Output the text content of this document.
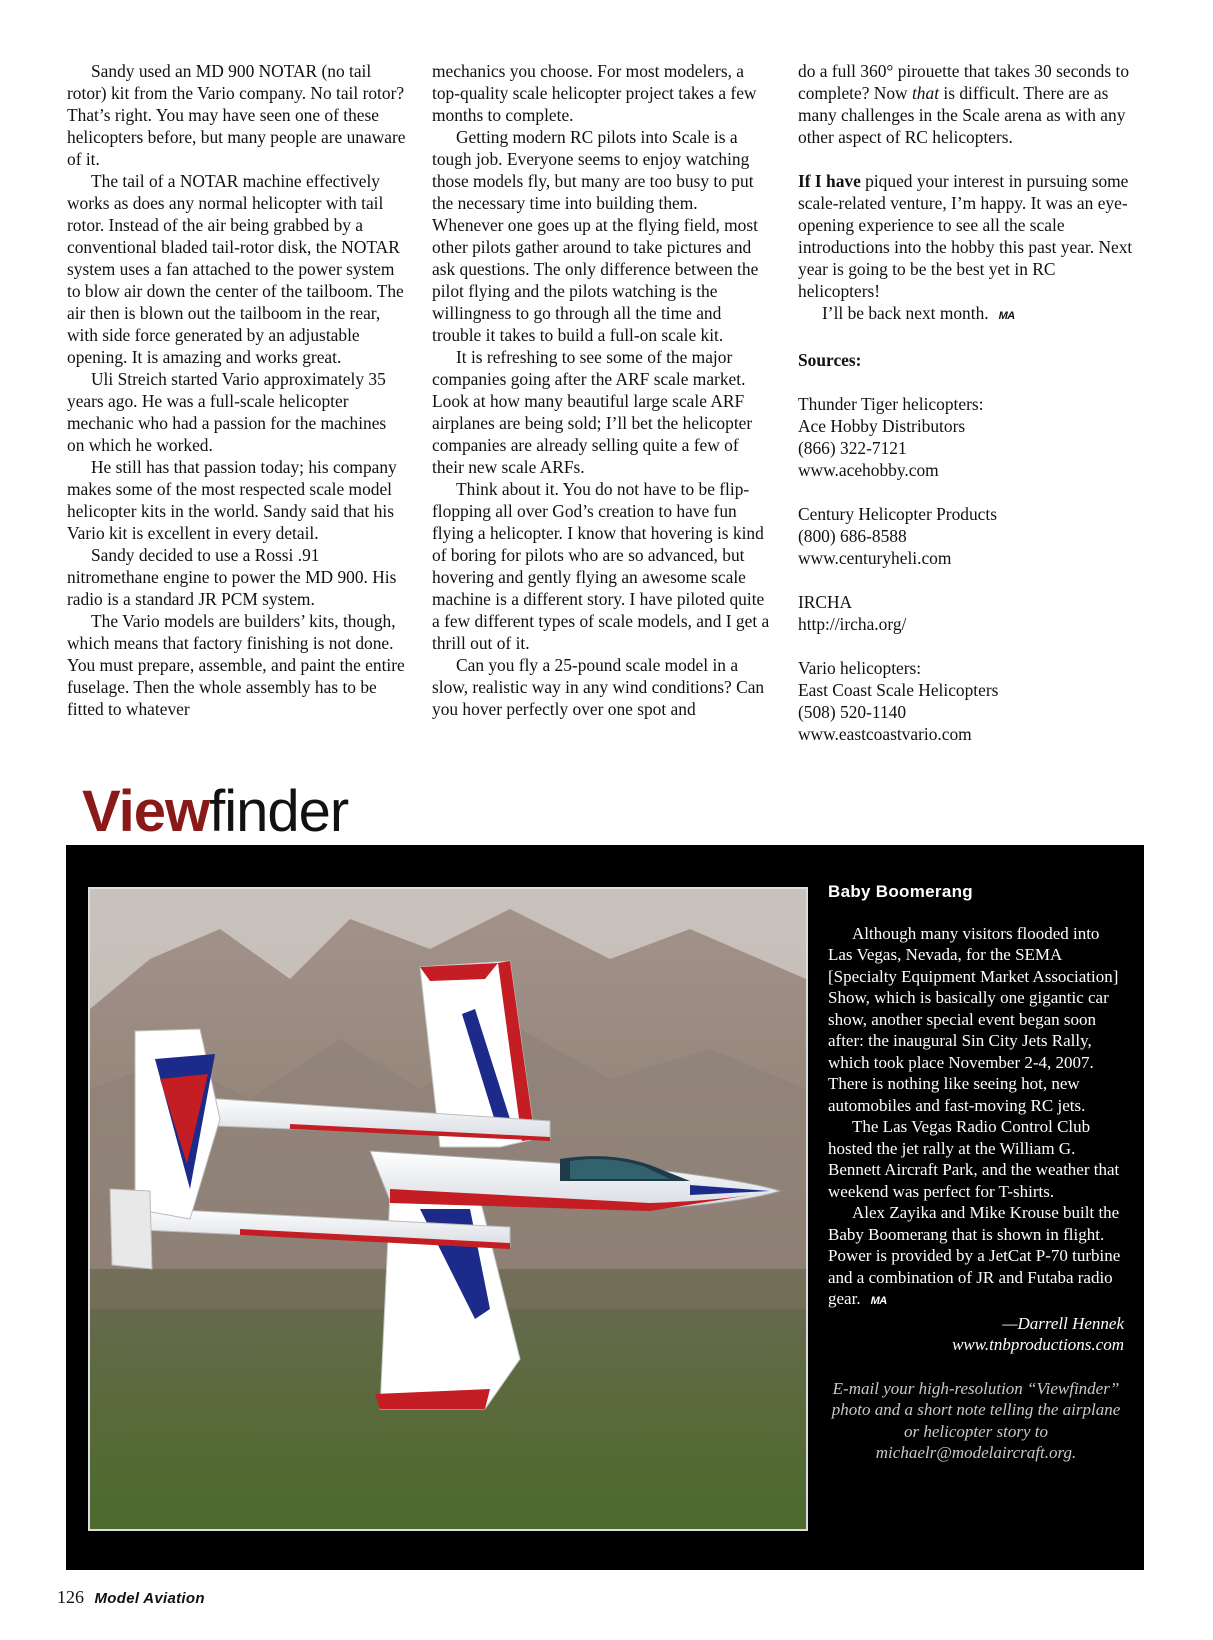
Sandy used an MD 900 NOTAR (no tail rotor) kit from the Vario company. No tail rotor? That’s right. You may have seen one of these helicopters before, but many people are unaware of it.

The tail of a NOTAR machine effectively works as does any normal helicopter with tail rotor. Instead of the air being grabbed by a conventional bladed tail-rotor disk, the NOTAR system uses a fan attached to the power system to blow air down the center of the tailboom. The air then is blown out the tailboom in the rear, with side force generated by an adjustable opening. It is amazing and works great.

Uli Streich started Vario approximately 35 years ago. He was a full-scale helicopter mechanic who had a passion for the machines on which he worked.

He still has that passion today; his company makes some of the most respected scale model helicopter kits in the world. Sandy said that his Vario kit is excellent in every detail.

Sandy decided to use a Rossi .91 nitromethane engine to power the MD 900. His radio is a standard JR PCM system.

The Vario models are builders’ kits, though, which means that factory finishing is not done. You must prepare, assemble, and paint the entire fuselage. Then the whole assembly has to be fitted to whatever

mechanics you choose. For most modelers, a top-quality scale helicopter project takes a few months to complete.

Getting modern RC pilots into Scale is a tough job. Everyone seems to enjoy watching those models fly, but many are too busy to put the necessary time into building them. Whenever one goes up at the flying field, most other pilots gather around to take pictures and ask questions. The only difference between the pilot flying and the pilots watching is the willingness to go through all the time and trouble it takes to build a full-on scale kit.

It is refreshing to see some of the major companies going after the ARF scale market. Look at how many beautiful large scale ARF airplanes are being sold; I’ll bet the helicopter companies are already selling quite a few of their new scale ARFs.

Think about it. You do not have to be flip-flopping all over God’s creation to have fun flying a helicopter. I know that hovering is kind of boring for pilots who are so advanced, but hovering and gently flying an awesome scale machine is a different story. I have piloted quite a few different types of scale models, and I get a thrill out of it.

Can you fly a 25-pound scale model in a slow, realistic way in any wind conditions? Can you hover perfectly over one spot and

do a full 360° pirouette that takes 30 seconds to complete? Now that is difficult. There are as many challenges in the Scale arena as with any other aspect of RC helicopters.

If I have piqued your interest in pursuing some scale-related venture, I’m happy. It was an eye-opening experience to see all the scale introductions into the hobby this past year. Next year is going to be the best yet in RC helicopters!

I’ll be back next month. MA

Sources:

Thunder Tiger helicopters:
Ace Hobby Distributors
(866) 322-7121
www.acehobby.com
Century Helicopter Products
(800) 686-8588
www.centuryheli.com
IRCHA
http://ircha.org/
Vario helicopters:
East Coast Scale Helicopters
(508) 520-1140
www.eastcoastvario.com
Viewfinder
Baby Boomerang

Although many visitors flooded into Las Vegas, Nevada, for the SEMA [Specialty Equipment Market Association] Show, which is basically one gigantic car show, another special event began soon after: the inaugural Sin City Jets Rally, which took place November 2-4, 2007. There is nothing like seeing hot, new automobiles and fast-moving RC jets.

The Las Vegas Radio Control Club hosted the jet rally at the William G. Bennett Aircraft Park, and the weather that weekend was perfect for T-shirts.

Alex Zayika and Mike Krouse built the Baby Boomerang that is shown in flight. Power is provided by a JetCat P-70 turbine and a combination of JR and Futaba radio gear. MA

—Darrell Hennek

www.tnbproductions.com

E-mail your high-resolution “Viewfinder” photo and a short note telling the airplane or helicopter story to michaelr@modelaircraft.org.

126 Model Aviation
